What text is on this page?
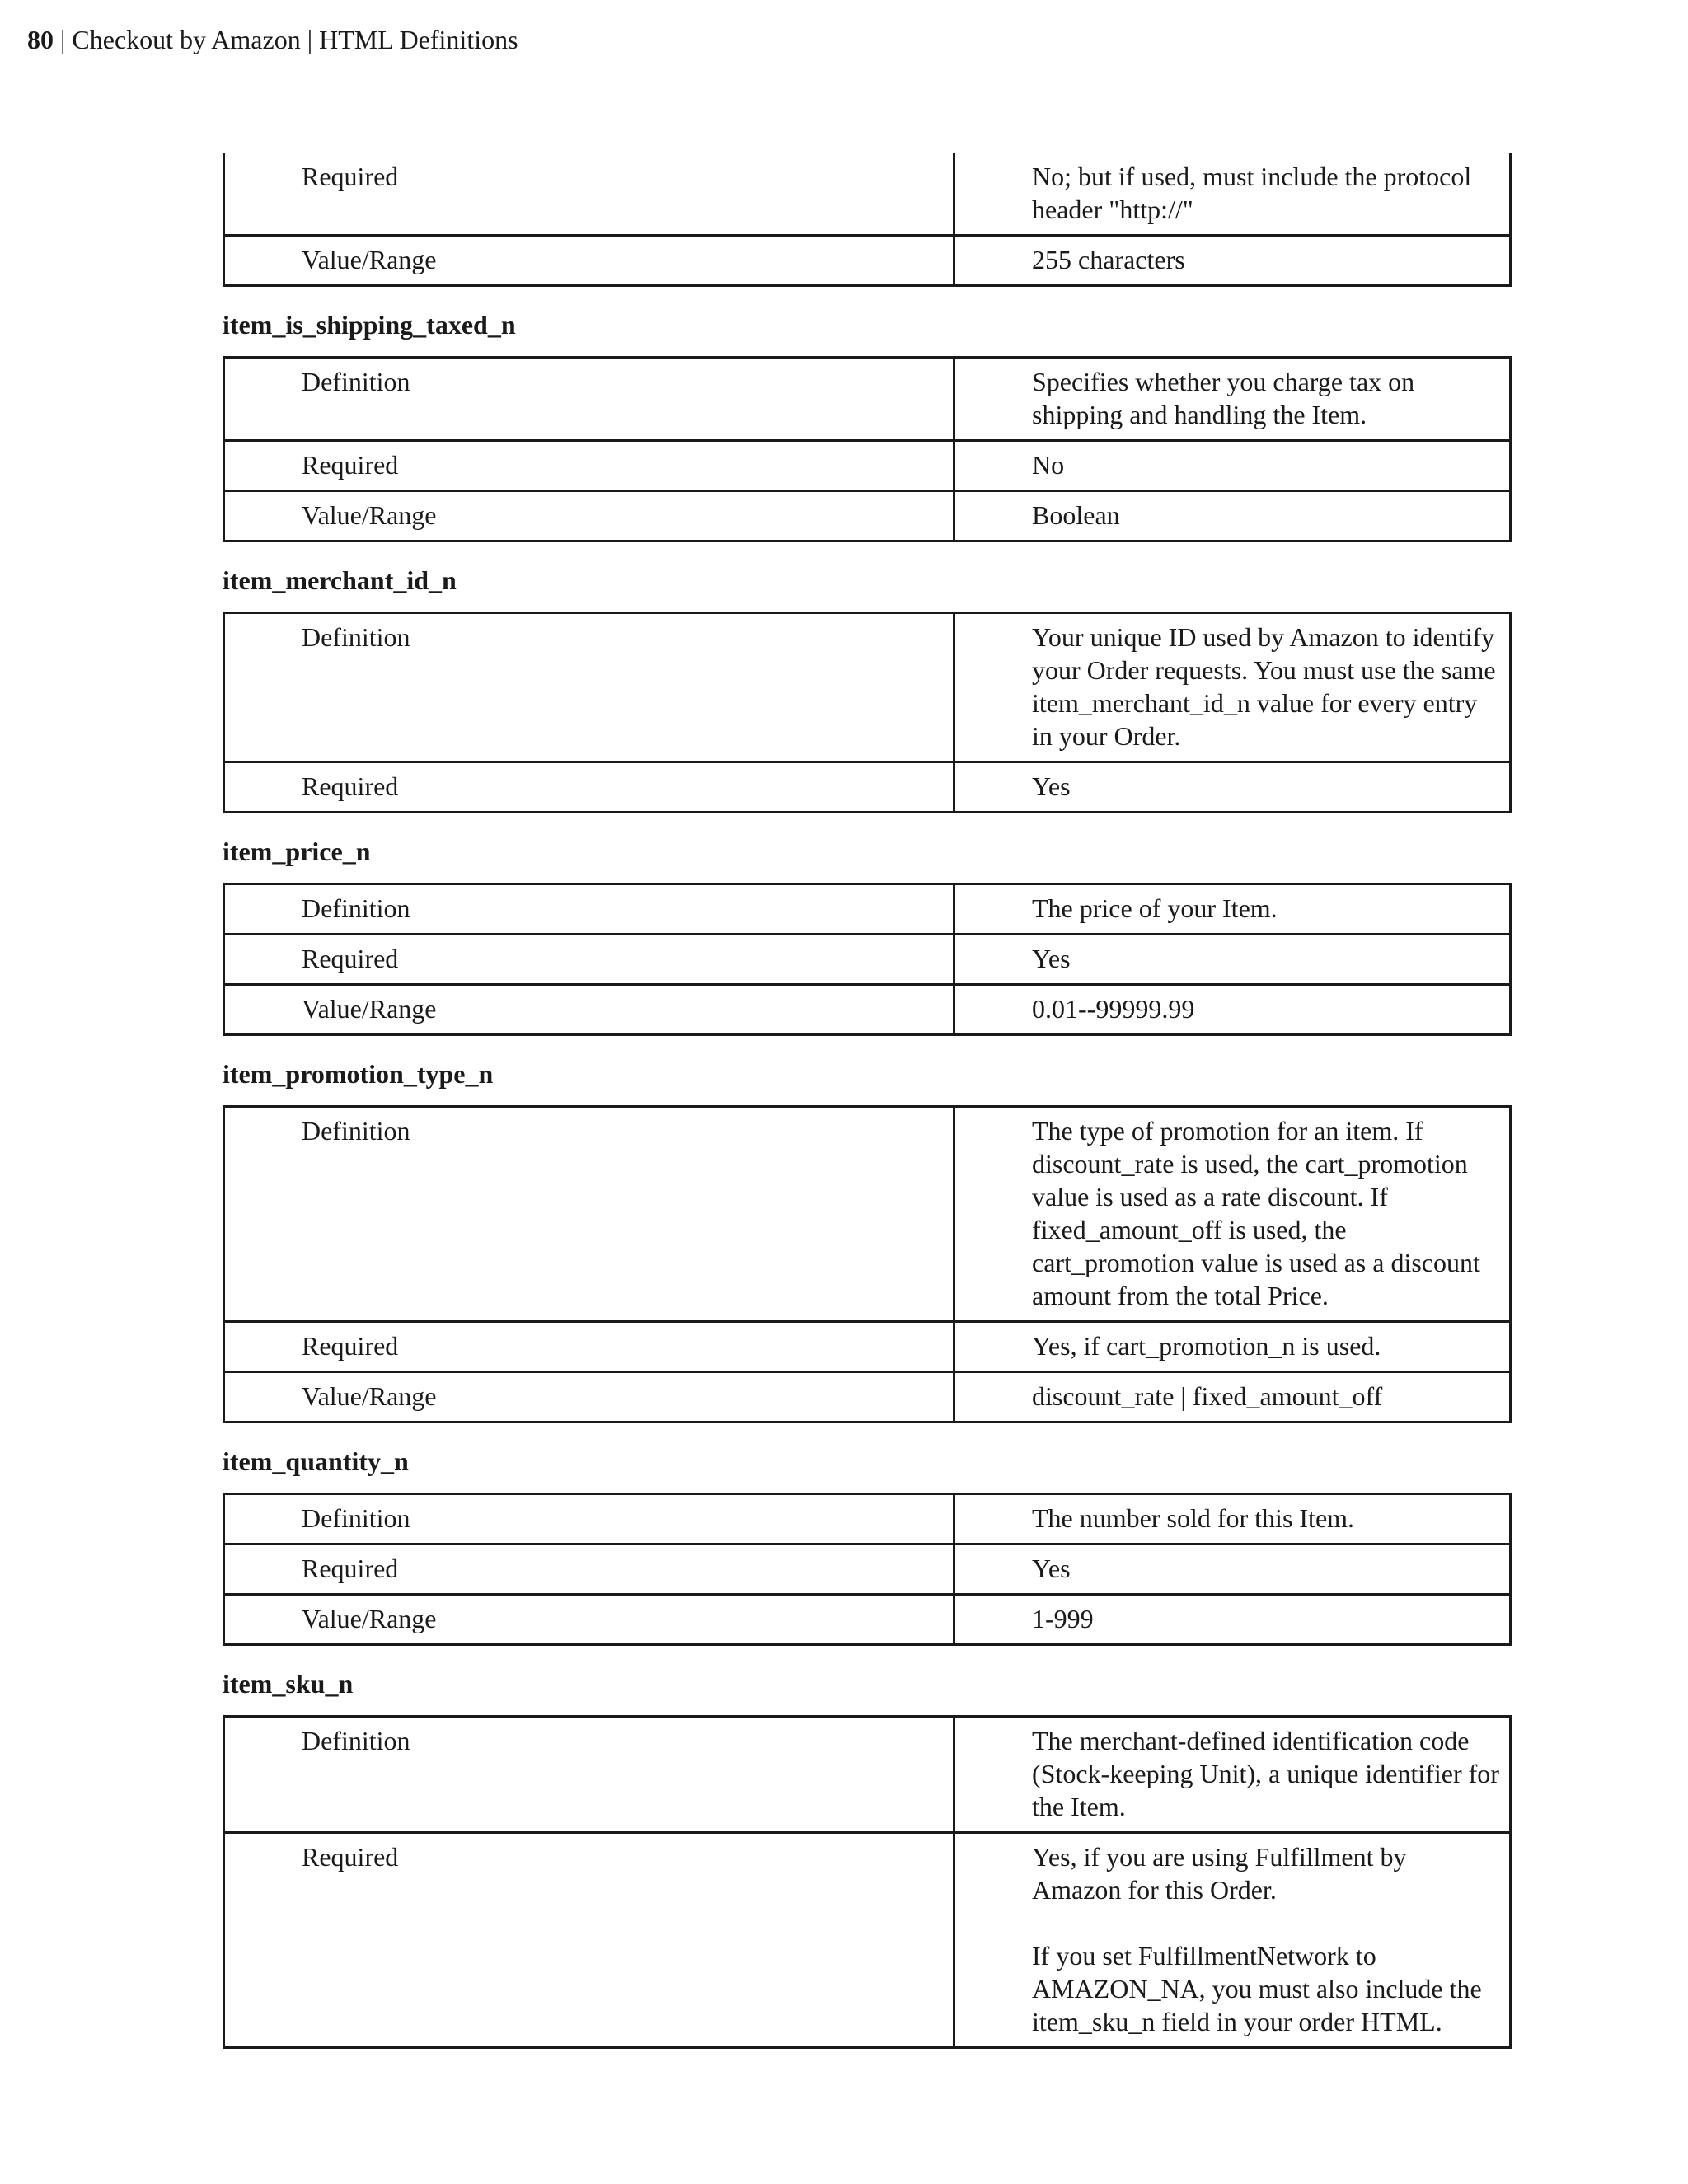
80 | Checkout by Amazon | HTML Definitions
Required	No; but if used, must include the protocol header "http://"

Value/Range	255 characters
item_is_shipping_taxed_n
Definition	Specifies whether you charge tax on shipping and handling the Item.

Required	No

Value/Range	Boolean
item_merchant_id_n
Definition	Your unique ID used by Amazon to identify your Order requests. You must use the same item_merchant_id_n value for every entry in your Order.

Required	Yes
item_price_n
Definition	The price of your Item.

Required	Yes

Value/Range	0.01--99999.99
item_promotion_type_n
Definition	The type of promotion for an item. If discount_rate is used, the cart_promotion value is used as a rate discount. If fixed_amount_off is used, the cart_promotion value is used as a discount amount from the total Price.

Required	Yes, if cart_promotion_n is used.

Value/Range	discount_rate | fixed_amount_off
item_quantity_n
Definition	The number sold for this Item.

Required	Yes

Value/Range	1-999
item_sku_n
Definition	The merchant-defined identification code (Stock-keeping Unit), a unique identifier for the Item.

Required	Yes, if you are using Fulfillment by Amazon for this Order.
If you set FulfillmentNetwork to AMAZON_NA, you must also include the item_sku_n field in your order HTML.
